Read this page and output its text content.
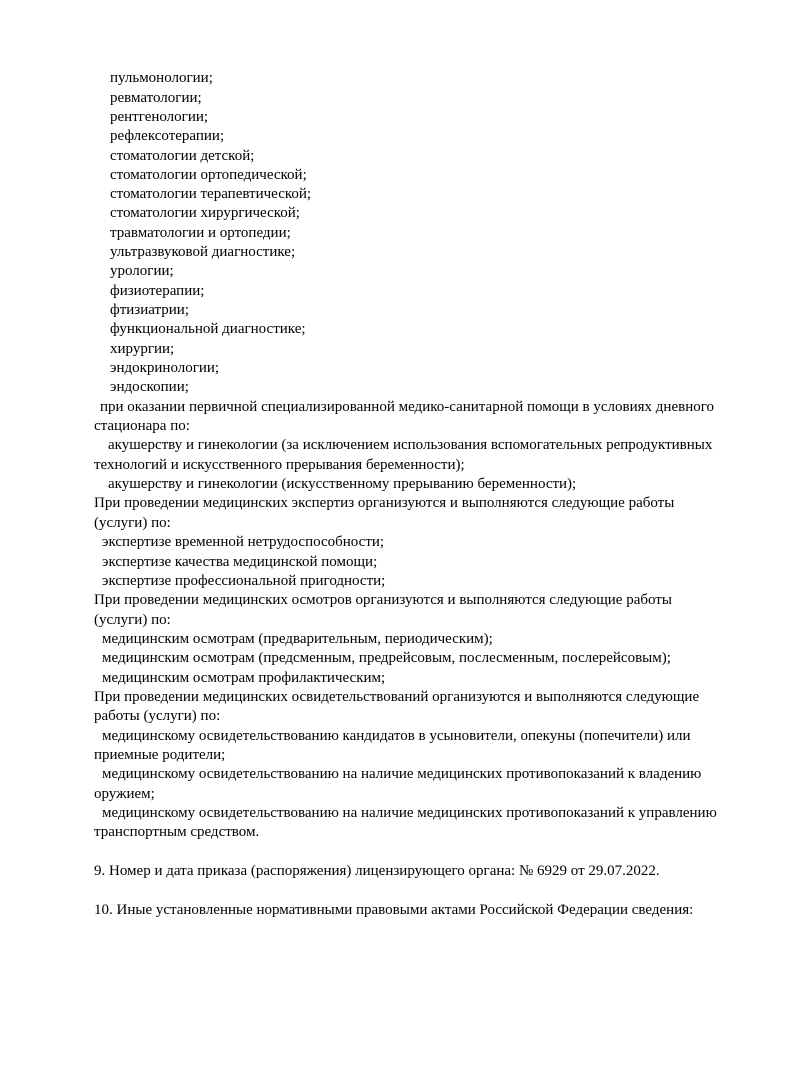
пульмонологии;
ревматологии;
рентгенологии;
рефлексотерапии;
стоматологии детской;
стоматологии ортопедической;
стоматологии терапевтической;
стоматологии хирургической;
травматологии и ортопедии;
ультразвуковой диагностике;
урологии;
физиотерапии;
фтизиатрии;
функциональной диагностике;
хирургии;
эндокринологии;
эндоскопии;
при оказании первичной специализированной медико-санитарной помощи в условиях дневного
стационара по:
акушерству и гинекологии (за исключением использования вспомогательных репродуктивных
технологий и искусственного прерывания беременности);
акушерству и гинекологии (искусственному прерыванию беременности);
При проведении медицинских экспертиз организуются и выполняются следующие работы
(услуги) по:
экспертизе временной нетрудоспособности;
экспертизе качества медицинской помощи;
экспертизе профессиональной пригодности;
При проведении медицинских осмотров организуются и выполняются следующие работы
(услуги) по:
медицинским осмотрам (предварительным, периодическим);
медицинским осмотрам (предсменным, предрейсовым, послесменным, послерейсовым);
медицинским осмотрам профилактическим;
При проведении медицинских освидетельствований организуются и выполняются следующие
работы (услуги) по:
медицинскому освидетельствованию кандидатов в усыновители, опекуны (попечители) или
приемные родители;
медицинскому освидетельствованию на наличие медицинских противопоказаний к владению
оружием;
медицинскому освидетельствованию на наличие медицинских противопоказаний к управлению
транспортным средством.
9. Номер и дата приказа (распоряжения) лицензирующего органа: № 6929 от 29.07.2022.
10. Иные установленные нормативными правовыми актами Российской Федерации сведения:
